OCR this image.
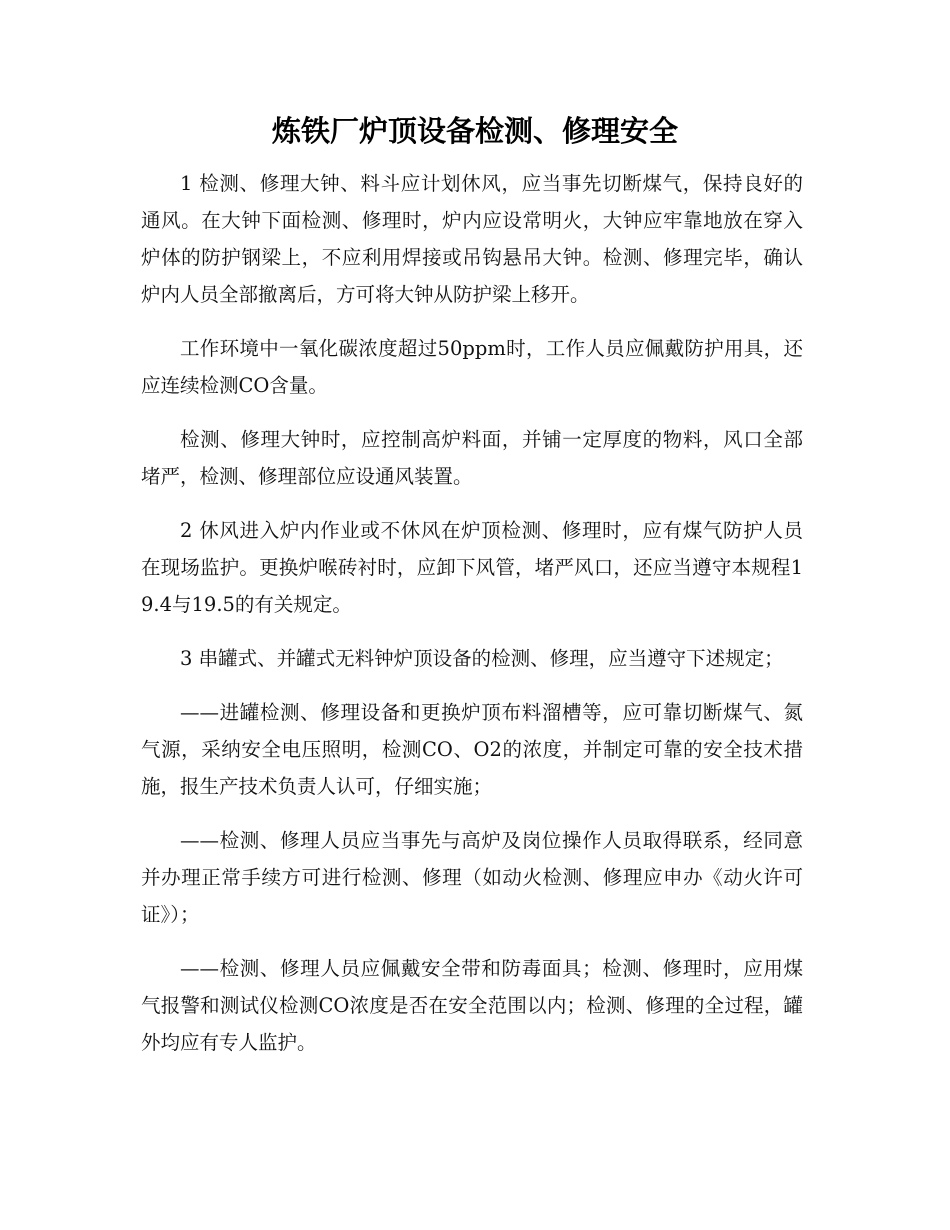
炼铁厂炉顶设备检测、修理安全

1 检测、修理大钟、料斗应计划休风，应当事先切断煤气，保持良好的通风。在大钟下面检测、修理时，炉内应设常明火，大钟应牢靠地放在穿入炉体的防护钢梁上，不应利用焊接或吊钩悬吊大钟。检测、修理完毕，确认炉内人员全部撤离后，方可将大钟从防护梁上移开。

工作环境中一氧化碳浓度超过50ppm时，工作人员应佩戴防护用具，还应连续检测CO含量。

检测、修理大钟时，应控制高炉料面，并铺一定厚度的物料，风口全部堵严，检测、修理部位应设通风装置。

2 休风进入炉内作业或不休风在炉顶检测、修理时，应有煤气防护人员在现场监护。更换炉喉砖衬时，应卸下风管，堵严风口，还应当遵守本规程19.4与19.5的有关规定。

3 串罐式、并罐式无料钟炉顶设备的检测、修理，应当遵守下述规定；

——进罐检测、修理设备和更换炉顶布料溜槽等，应可靠切断煤气、氮气源，采纳安全电压照明，检测CO、O2的浓度，并制定可靠的安全技术措施，报生产技术负责人认可，仔细实施；

——检测、修理人员应当事先与高炉及岗位操作人员取得联系，经同意并办理正常手续方可进行检测、修理（如动火检测、修理应申办《动火许可证》）；

——检测、修理人员应佩戴安全带和防毒面具；检测、修理时，应用煤气报警和测试仪检测CO浓度是否在安全范围以内；检测、修理的全过程，罐外均应有专人监护。
